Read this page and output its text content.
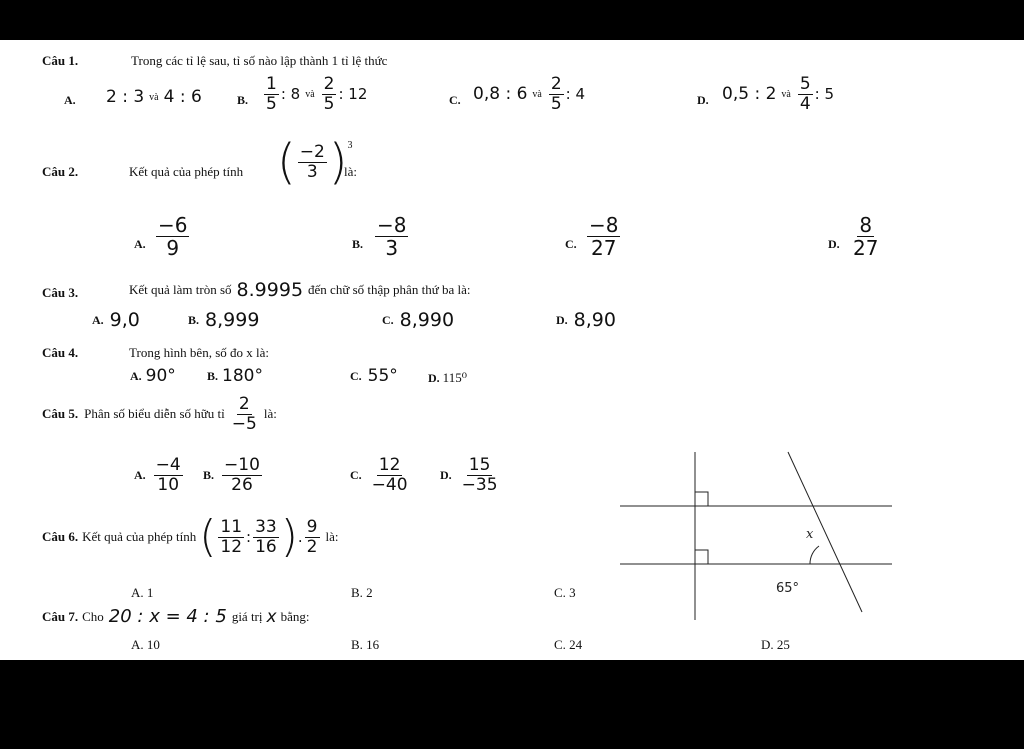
Câu 1.	Trong các tỉ lệ sau, tỉ số nào lập thành 1 tỉ lệ thức
A. 2 : 3 và 4 : 6	B. $\frac{1}{5}$ : 8 và $\frac{2}{5}$ : 12	C. 0,8 : 6 và $\frac{2}{5}$ : 4	D. 0,5 : 2 và $\frac{5}{4}$ : 5
Câu 2.	Kết quả của phép tính ( $\frac{-2}{3}$ ) 3
là:
A. $\frac{-6}{9}$	B. $\frac{-8}{3}$	C. $\frac{-8}{27}$	D. $\frac{8}{27}$
Câu 3.	Kết quả làm tròn số 8.9995 đến chữ số thập phân thứ ba là:
A. 9,0	B. 8,999	C. 8,990	D. 8,90
Câu 4.	Trong hình bên, số đo x là:
A. 90°	B. 180°	C. 55°	D. 115⁰
Câu 5. Phân số biểu diễn số hữu tỉ $\frac{2}{-5}$ là:
A. $\frac{-4}{10} B$. $\frac{-10}{26}$	C. $\frac{12}{-40}$	D. $\frac{15}{-35}$
Câu 6. Kết quả của phép tính ( $\frac{11}{12}$ : $\frac{33}{16}$ ) . $\frac{9}{2}$ là:
A. 1	B. 2	C. 3
Câu 7. Cho 20 : x = 4 : 5 giá trị x bằng:
A. 10	B. 16	C. 24	D. 25
x
65°
